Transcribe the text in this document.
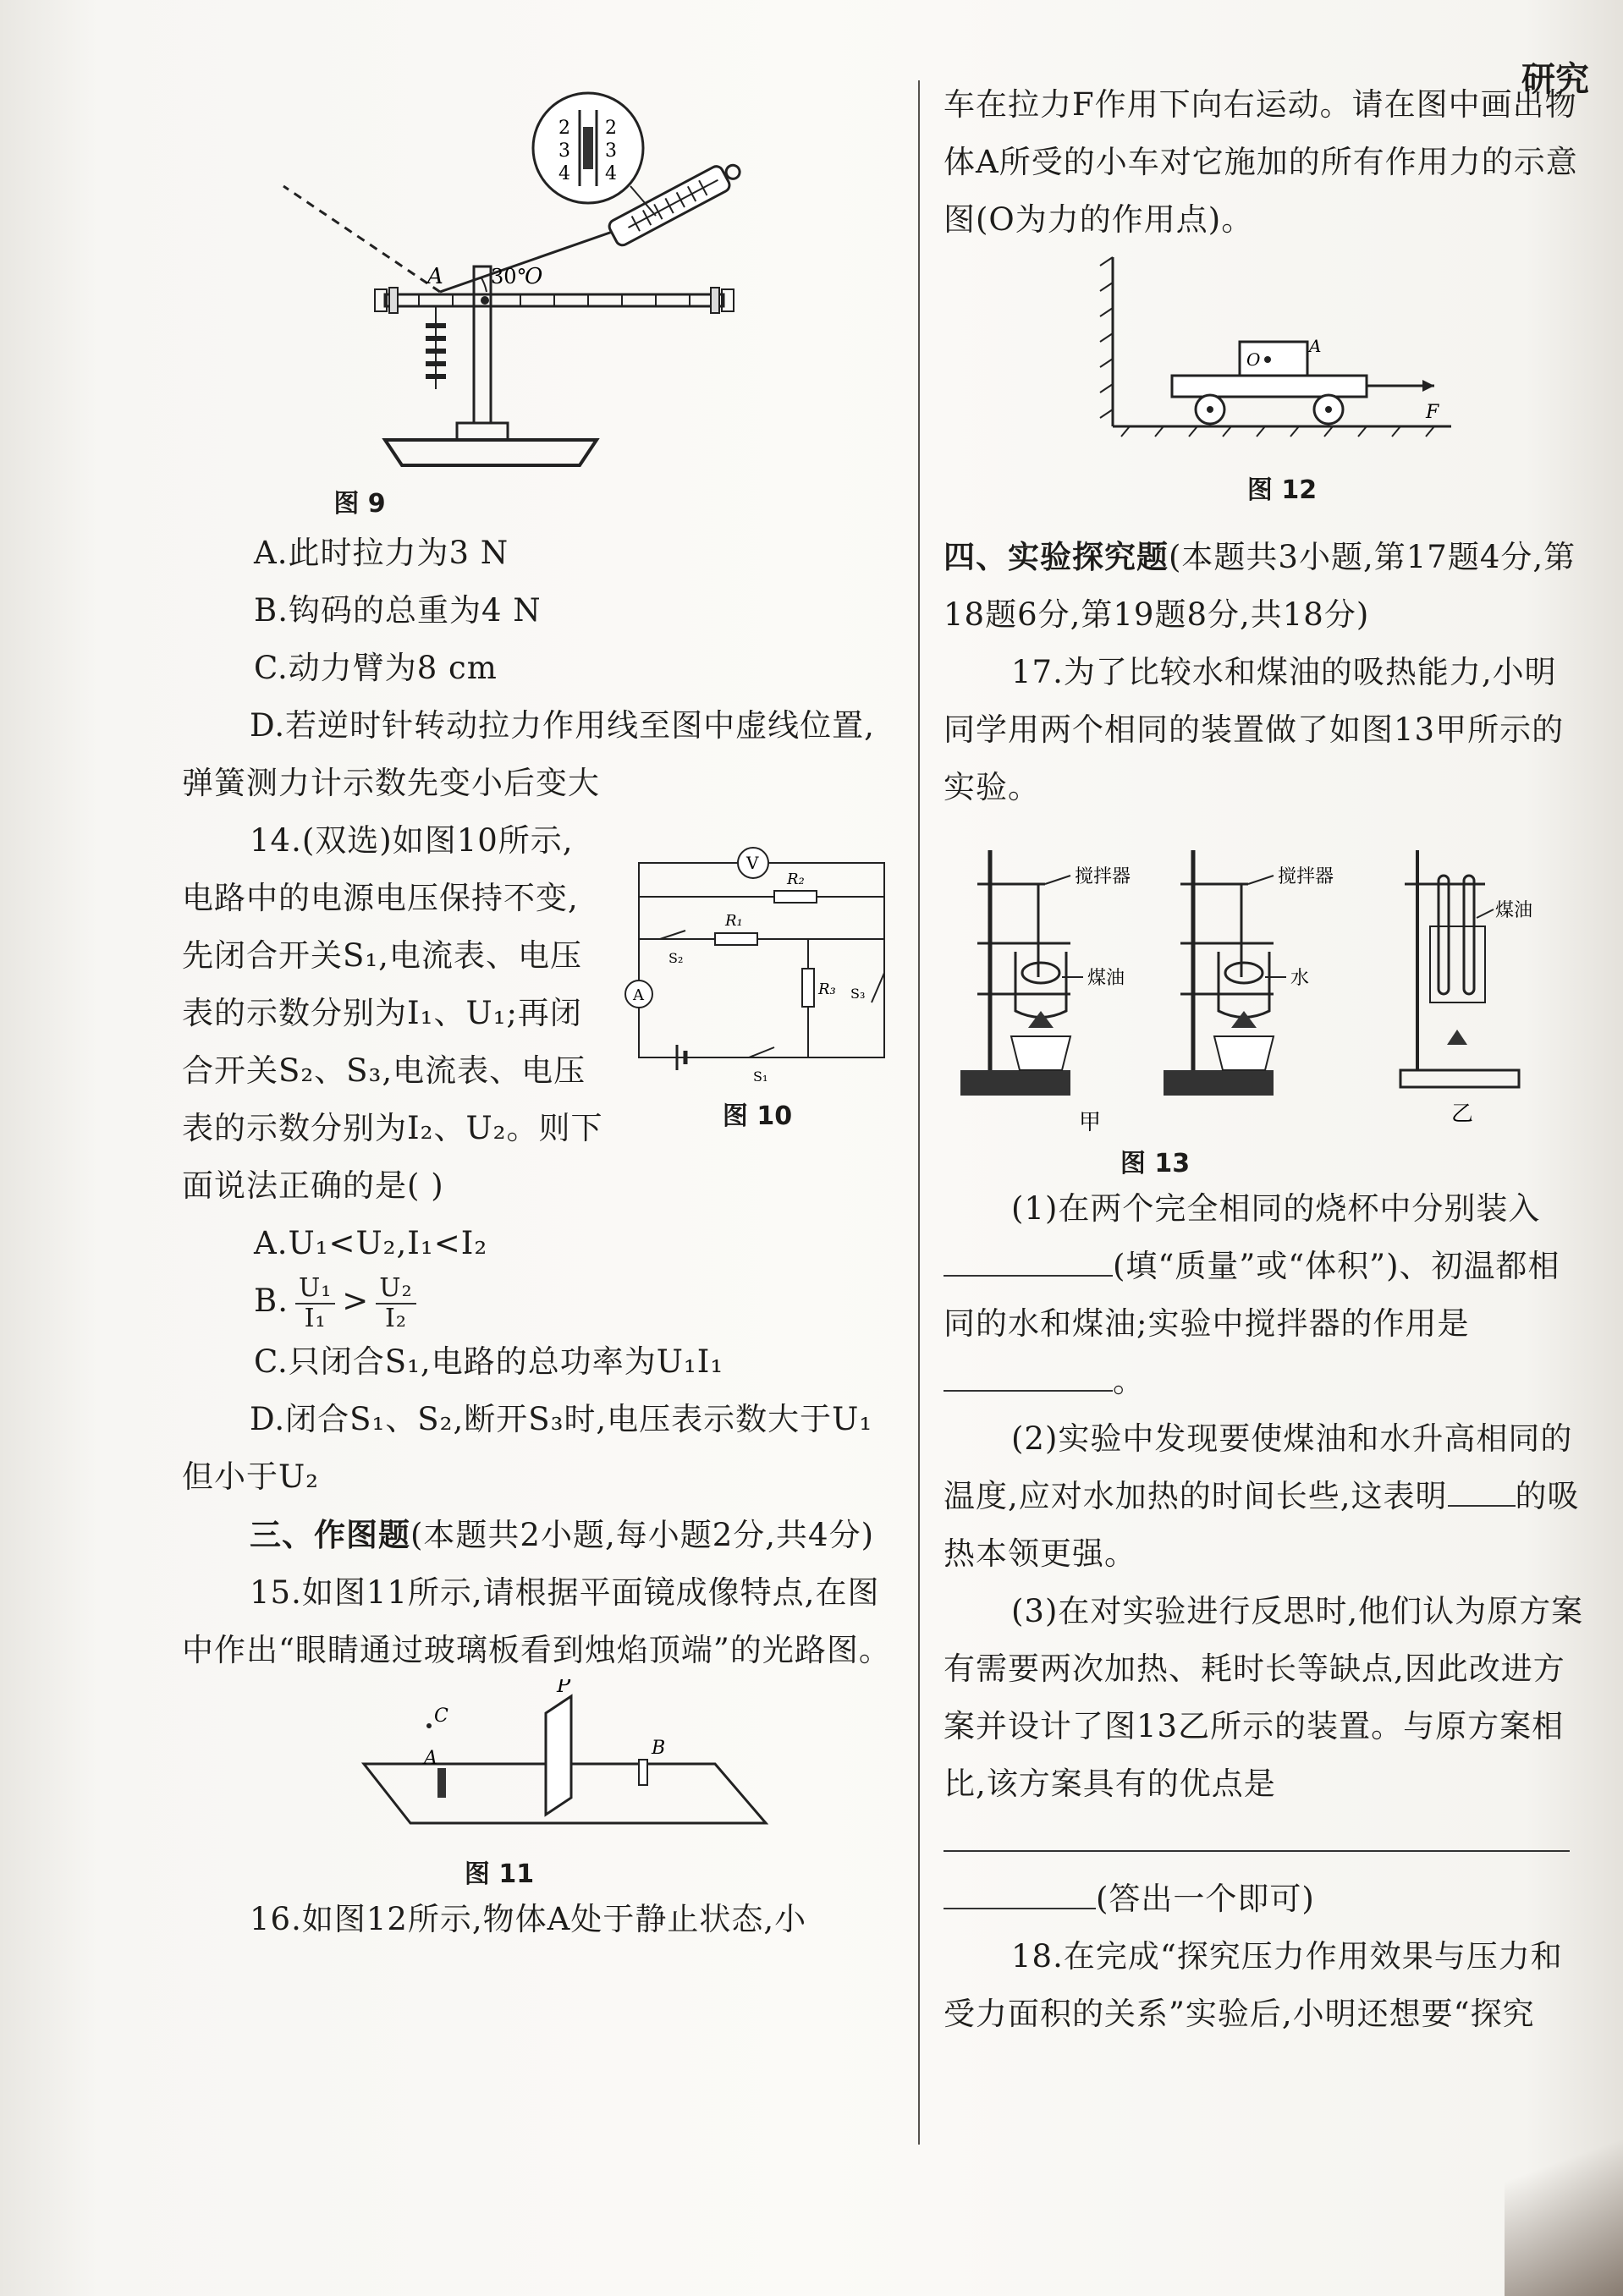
研究
2
3
4
2
3
4
A 30°
O
图 9

A.此时拉力为3 N

B.钩码的总重为4 N

C.动力臂为8 cm

D.若逆时针转动拉力作用线至图中虚线位置,弹簧测力计示数先变小后变大

14.(双选)如图10所示,电路中的电源电压保持不变,先闭合开关S₁,电流表、电压表的示数分别为I₁、U₁;再闭合开关S₂、S₃,电流表、电压表的示数分别为I₂、U₂。则下面说法正确的是( )

V
R₂
R₁
S₂
R₃ S₃
A
S₁
图 10

A.U₁<U₂,I₁<I₂

B. $\frac{\text{U₁}}{\text{I₁}} > \frac{\text{U₂}}{\text{I₂}}$

C.只闭合S₁,电路的总功率为U₁I₁

D.闭合S₁、S₂,断开S₃时,电压表示数大于U₁但小于U₂

三、作图题(本题共2小题,每小题2分,共4分)

15.如图11所示,请根据平面镜成像特点,在图中作出“眼睛通过玻璃板看到烛焰顶端”的光路图。

P
A
C
B
图 11

16.如图12所示,物体A处于静止状态,小

车在拉力F作用下向右运动。请在图中画出物体A所受的小车对它施加的所有作用力的示意图(O为力的作用点)。

O
A
F
图 12

四、实验探究题(本题共3小题,第17题4分,第18题6分,第19题8分,共18分)

17.为了比较水和煤油的吸热能力,小明同学用两个相同的装置做了如图13甲所示的实验。

搅拌器
煤油
搅拌器
水
煤油
甲	乙
图 13

(1)在两个完全相同的烧杯中分别装入(填“质量”或“体积”)、初温都相同的水和煤油;实验中搅拌器的作用是。

(2)实验中发现要使煤油和水升高相同的温度,应对水加热的时间长些,这表明 的吸热本领更强。

(3)在对实验进行反思时,他们认为原方案有需要两次加热、耗时长等缺点,因此改进方案并设计了图13乙所示的装置。与原方案相比,该方案具有的优点是(答出一个即可)

18.在完成“探究压力作用效果与压力和受力面积的关系”实验后,小明还想要“探究
